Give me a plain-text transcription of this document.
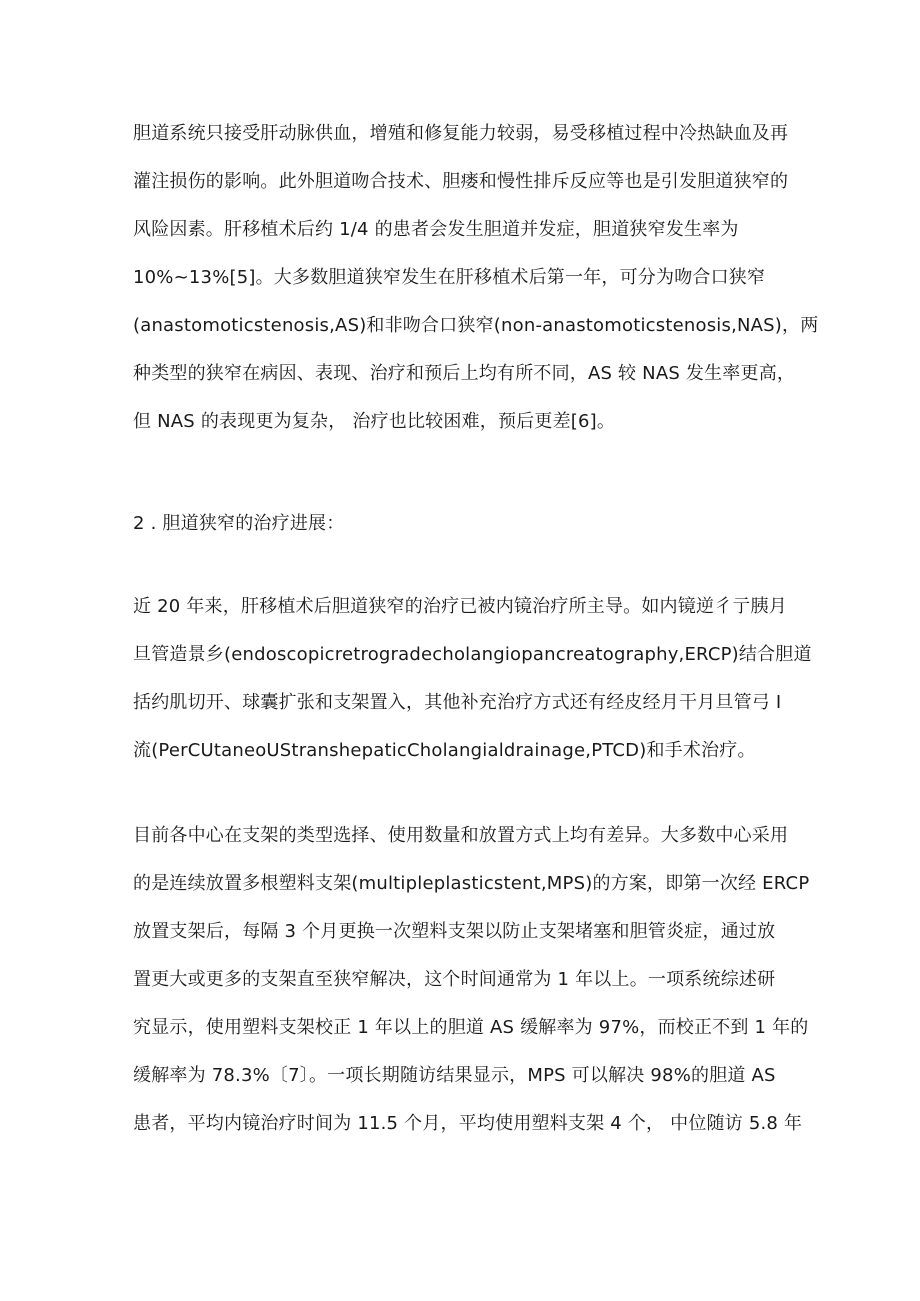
胆道系统只接受肝动脉供血，增殖和修复能力较弱，易受移植过程中冷热缺血及再
灌注损伤的影响。此外胆道吻合技术、胆瘘和慢性排斥反应等也是引发胆道狭窄的
风险因素。肝移植术后约 1/4 的患者会发生胆道并发症，胆道狭窄发生率为
10%~13%[5]。大多数胆道狭窄发生在肝移植术后第一年，可分为吻合口狭窄
(anastomoticstenosis,AS)和非吻合口狭窄(non-anastomoticstenosis,NAS)，两
种类型的狭窄在病因、表现、治疗和预后上均有所不同，AS 较 NAS 发生率更高，
但 NAS 的表现更为复杂， 治疗也比较困难，预后更差[6]。
2 . 胆道狭窄的治疗进展：
近 20 年来，肝移植术后胆道狭窄的治疗已被内镜治疗所主导。如内镜逆彳亍胰月
旦管造景乡(endoscopicretrogradecholangiopancreatography,ERCP)结合胆道
括约肌切开、球囊扩张和支架置入，其他补充治疗方式还有经皮经月干月旦管弓 I
流(PerCUtaneoUStranshepaticCholangialdrainage,PTCD)和手术治疗。
目前各中心在支架的类型选择、使用数量和放置方式上均有差异。大多数中心采用
的是连续放置多根塑料支架(multipleplasticstent,MPS)的方案，即第一次经 ERCP
放置支架后，每隔 3 个月更换一次塑料支架以防止支架堵塞和胆管炎症，通过放
置更大或更多的支架直至狭窄解决，这个时间通常为 1 年以上。一项系统综述研
究显示，使用塑料支架校正 1 年以上的胆道 AS 缓解率为 97%，而校正不到 1 年的
缓解率为 78.3%〔7〕。一项长期随访结果显示，MPS 可以解决 98%的胆道 AS
患者，平均内镜治疗时间为 11.5 个月，平均使用塑料支架 4 个， 中位随访 5.8 年
